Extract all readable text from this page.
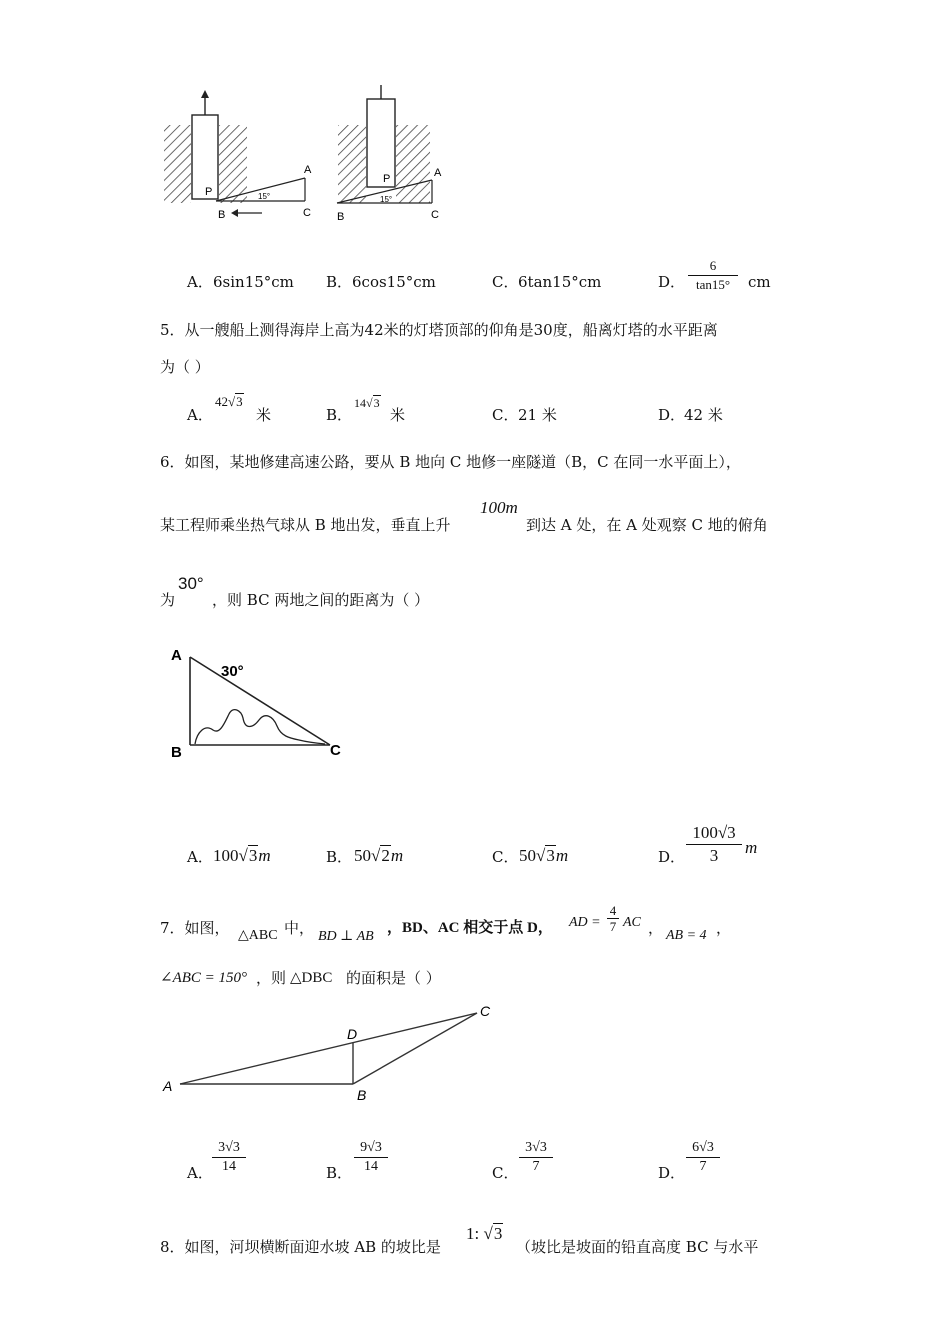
P
A
B	C
15°
P	A
B	C
15°
A． 6sin15°cm B． 6cos15°cm	C． 6tan15°cm	D．
6
tan15°	cm
5．从一艘船上测得海岸上高为42米的灯塔顶部的仰角是30度，船离灯塔的水平距离
为（ ）
A．
42√3
米	B．
14√3
米	C． 21 米	D．
42 米
6．如图，某地修建高速公路，要从 B 地向 C 地修一座隧道（B，C 在同一水平面上），
某工程师乘坐热气球从 B 地出发，垂直上升
100m
到达 A 处，在 A 处观察 C 地的俯角
为
30°
，则 BC 两地之间的距离为（ ）
A
B	C
30°
A． 100√3m	B． 50√2m	C． 50√3m	D．
100√3
3	m
7．如图， △ABC 中， BD ⊥ AB
，BD、AC 相交于点 D， AD =
4
7 AC ， AB = 4 ，
∠ABC = 150° ，则 △DBC 的面积是（ ）
A
B
C
D
A．
3√3
14	B．
9√3
14	C．
3√3
7	D．
6√3
7
8．如图，河坝横断面迎水坡 AB 的坡比是
1: √3
（坡比是坡面的铅直高度 BC 与水平
